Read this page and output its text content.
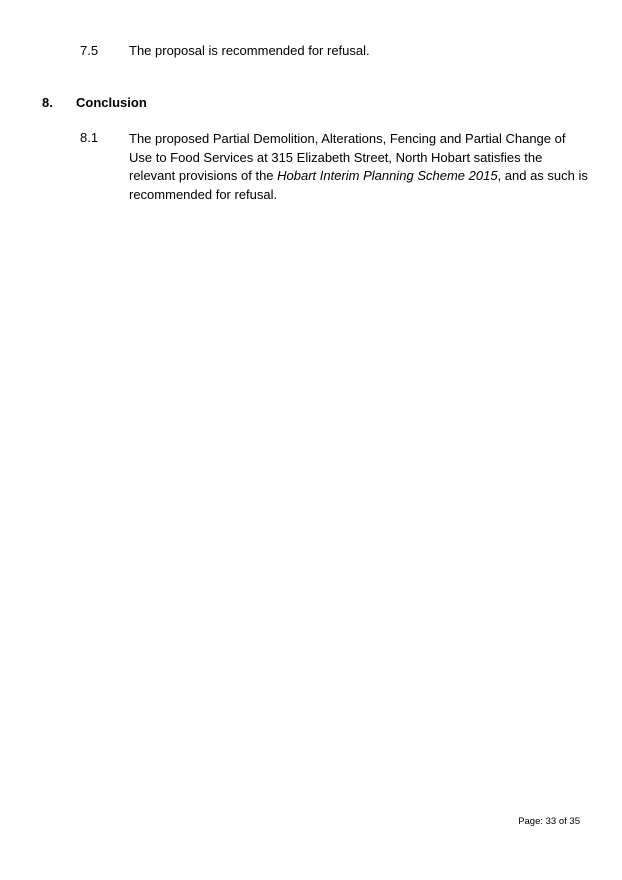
7.5 The proposal is recommended for refusal.

8. Conclusion

8.1 The proposed Partial Demolition, Alterations, Fencing and Partial Change of Use to Food Services at 315 Elizabeth Street, North Hobart satisfies the relevant provisions of the Hobart Interim Planning Scheme 2015, and as such is recommended for refusal.

Page: 33 of 35
